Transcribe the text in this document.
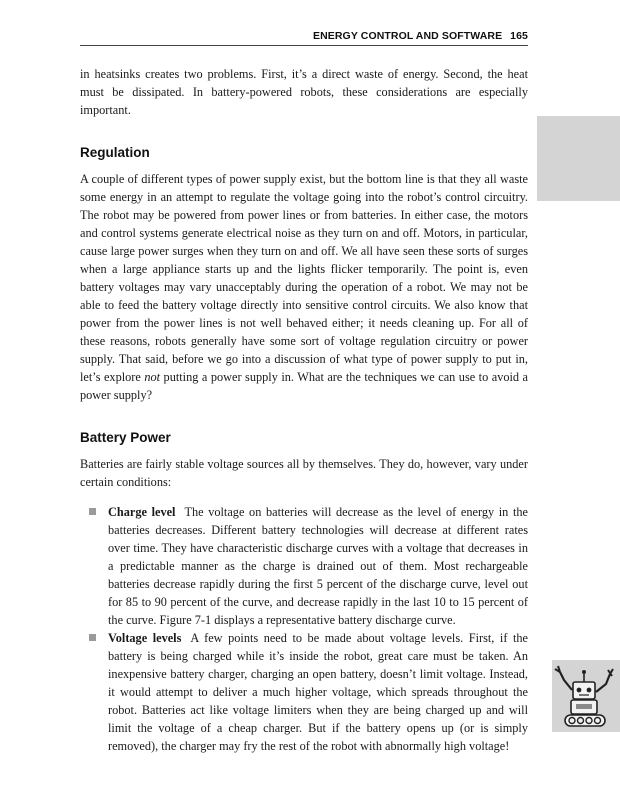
ENERGY CONTROL AND SOFTWARE 165

in heatsinks creates two problems. First, it’s a direct waste of energy. Second, the heat must be dissipated. In battery-powered robots, these considerations are especially important.

Regulation

A couple of different types of power supply exist, but the bottom line is that they all waste some energy in an attempt to regulate the voltage going into the robot’s control circuitry. The robot may be powered from power lines or from batteries. In either case, the motors and control systems generate electrical noise as they turn on and off. Motors, in particular, cause large power surges when they turn on and off. We all have seen these sorts of surges when a large appliance starts up and the lights flicker temporarily. The point is, even battery voltages may vary unacceptably during the operation of a robot. We may not be able to feed the battery voltage directly into sensitive control circuits. We also know that power from the power lines is not well behaved either; it needs cleaning up. For all of these reasons, robots generally have some sort of voltage regulation circuitry or power supply. That said, before we go into a discussion of what type of power supply to put in, let’s explore not putting a power supply in. What are the techniques we can use to avoid a power supply?

Battery Power

Batteries are fairly stable voltage sources all by themselves. They do, however, vary under certain conditions:

Charge level The voltage on batteries will decrease as the level of energy in the batteries decreases. Different battery technologies will decrease at different rates over time. They have characteristic discharge curves with a voltage that decreases in a predictable manner as the charge is drained out of them. Most rechargeable batteries decrease rapidly during the first 5 percent of the discharge curve, level out for 85 to 90 percent of the curve, and decrease rapidly in the last 10 to 15 percent of the curve. Figure 7-1 displays a representative battery discharge curve.
Voltage levels A few points need to be made about voltage levels. First, if the battery is being charged while it’s inside the robot, great care must be taken. An inexpensive battery charger, charging an open battery, doesn’t limit voltage. Instead, it would attempt to deliver a much higher voltage, which spreads throughout the robot. Batteries act like voltage limiters when they are being charged up and will limit the voltage of a cheap charger. But if the battery opens up (or is simply removed), the charger may fry the rest of the robot with abnormally high voltage!
